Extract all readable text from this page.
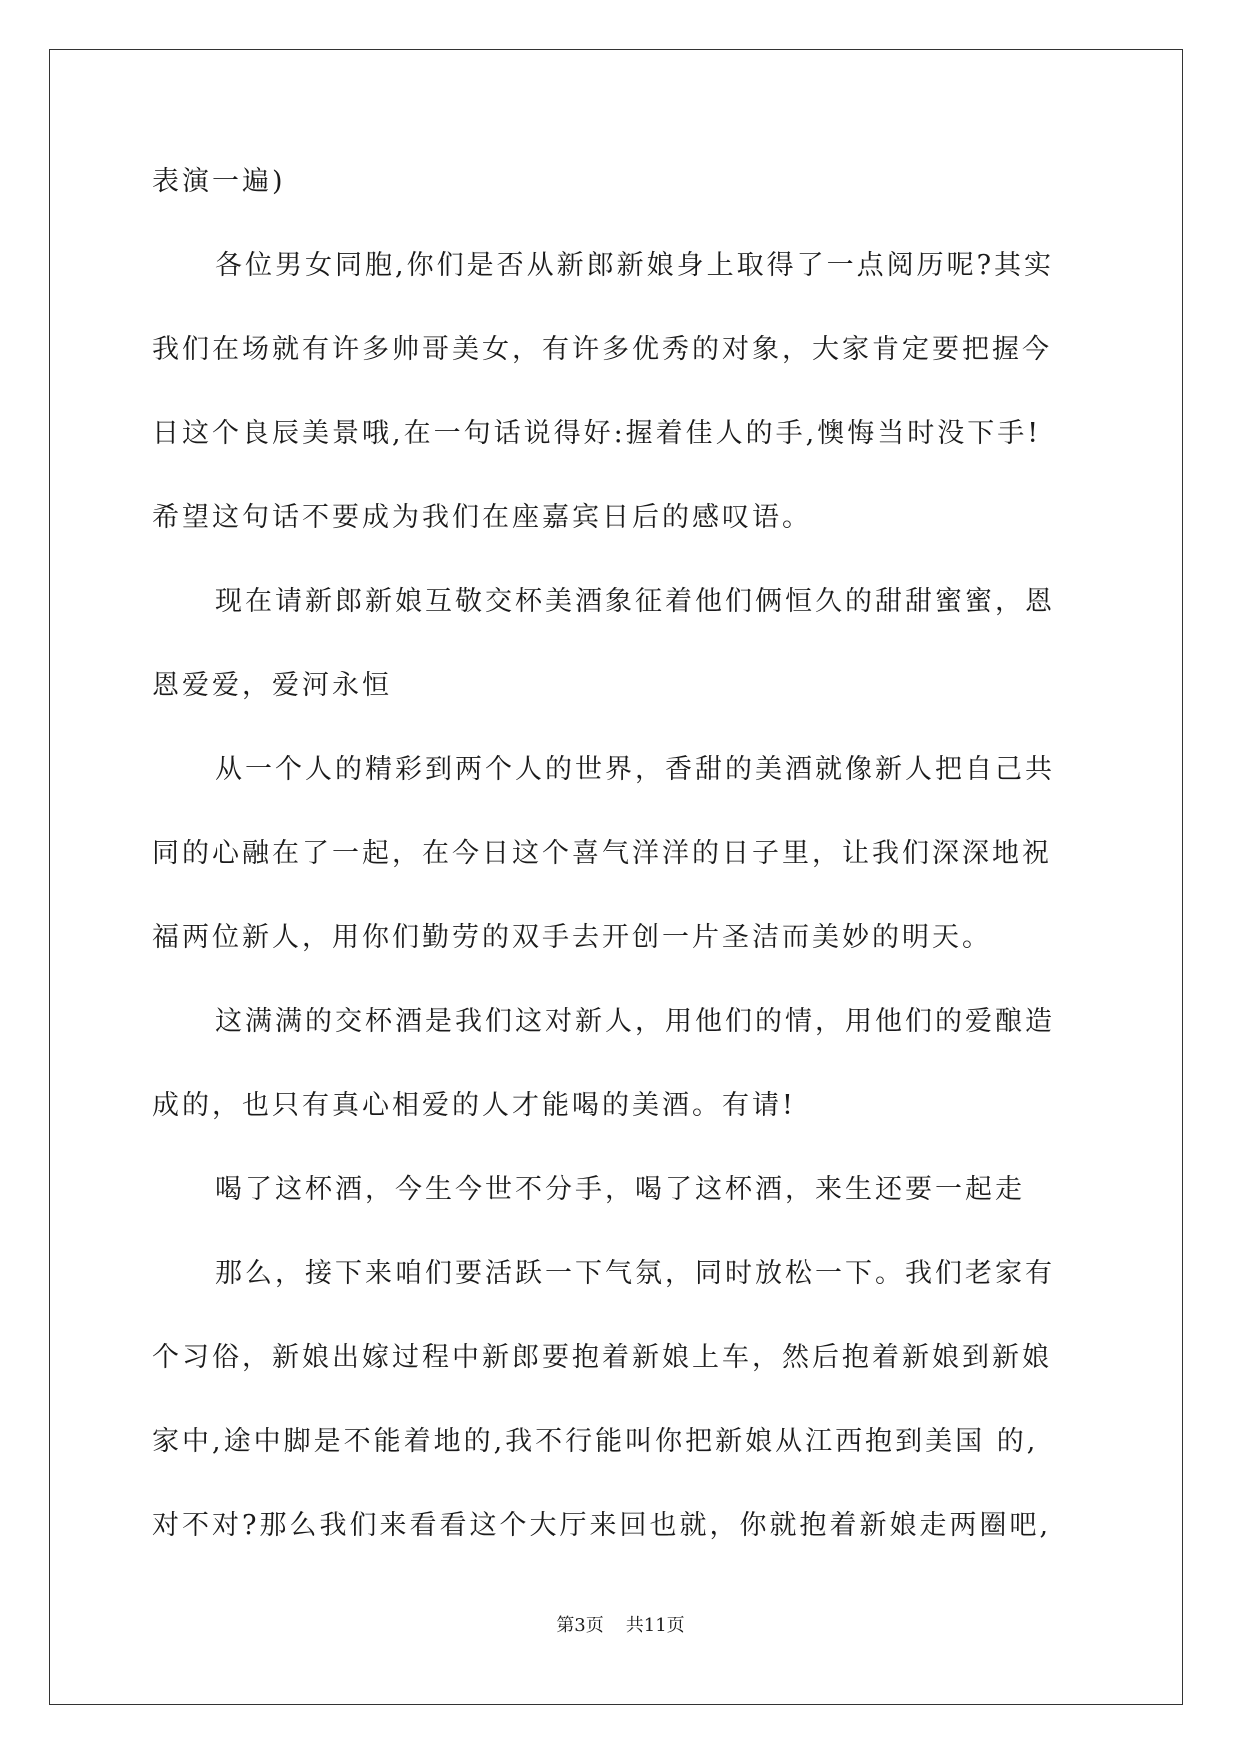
表演一遍)
各位男女同胞,你们是否从新郎新娘身上取得了一点阅历呢?其实
我们在场就有许多帅哥美女，有许多优秀的对象，大家肯定要把握今
日这个良辰美景哦,在一句话说得好:握着佳人的手,懊悔当时没下手!
希望这句话不要成为我们在座嘉宾日后的感叹语。
现在请新郎新娘互敬交杯美酒象征着他们俩恒久的甜甜蜜蜜，恩
恩爱爱，爱河永恒
从一个人的精彩到两个人的世界，香甜的美酒就像新人把自己共
同的心融在了一起，在今日这个喜气洋洋的日子里，让我们深深地祝
福两位新人，用你们勤劳的双手去开创一片圣洁而美妙的明天。
这满满的交杯酒是我们这对新人，用他们的情，用他们的爱酿造
成的，也只有真心相爱的人才能喝的美酒。有请!
喝了这杯酒，今生今世不分手，喝了这杯酒，来生还要一起走
那么，接下来咱们要活跃一下气氛，同时放松一下。我们老家有
个习俗，新娘出嫁过程中新郎要抱着新娘上车，然后抱着新娘到新娘
家中,途中脚是不能着地的,我不行能叫你把新娘从江西抱到美国 的,
对不对?那么我们来看看这个大厅来回也就，你就抱着新娘走两圈吧,
第3页 共11页
